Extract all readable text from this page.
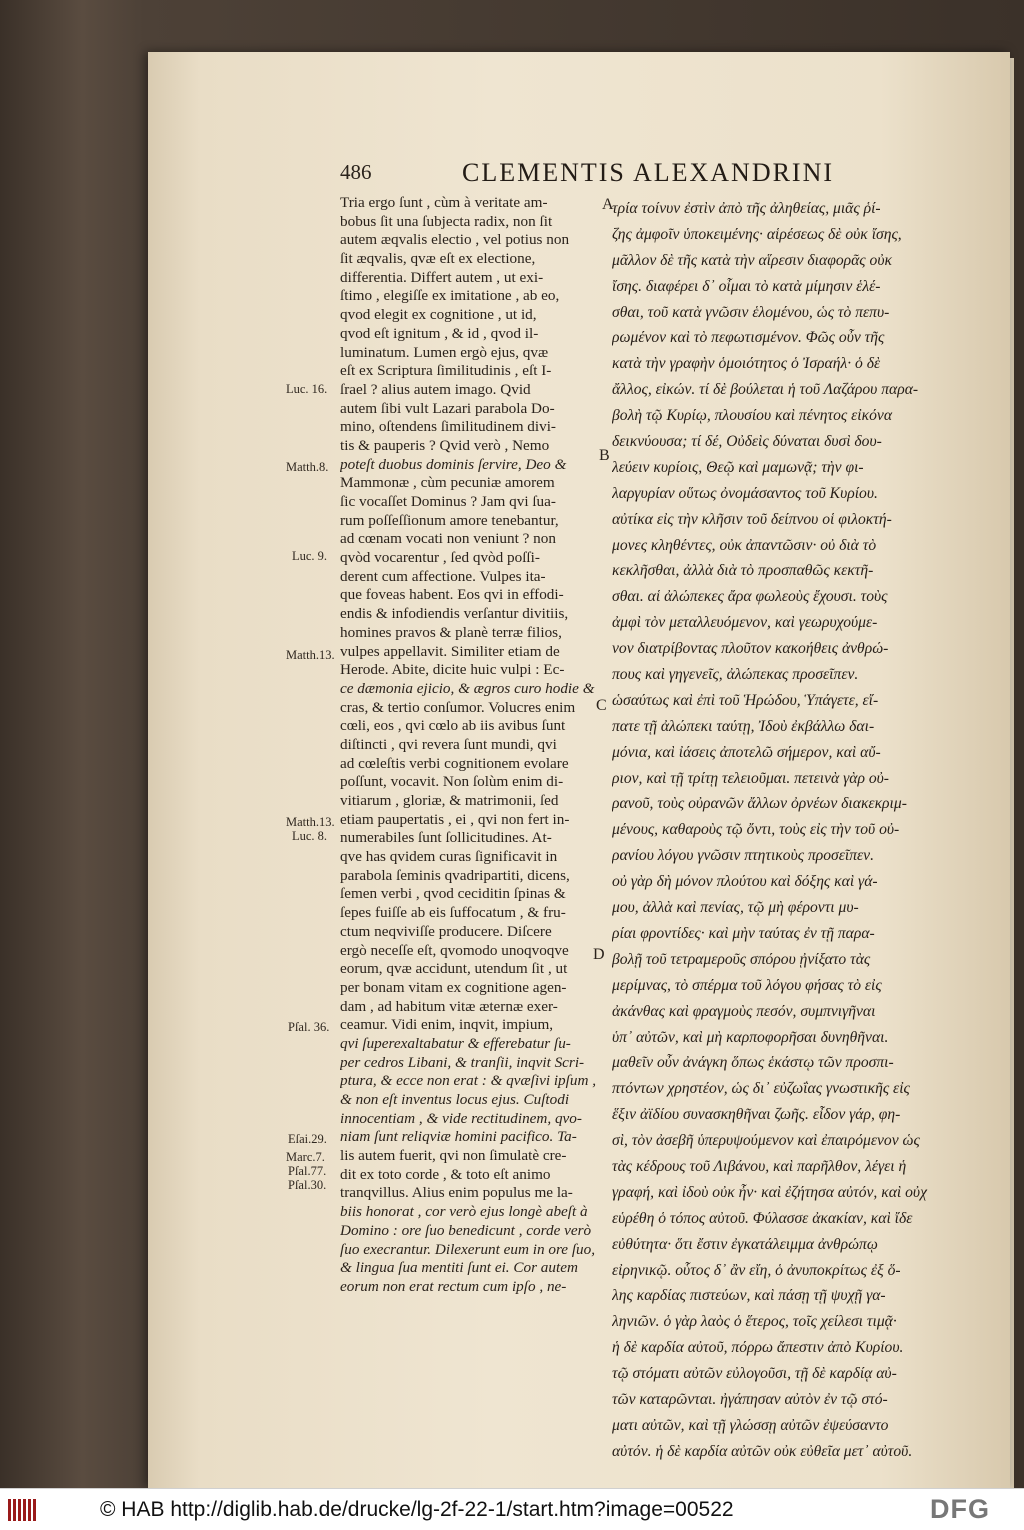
486	CLEMENTIS ALEXANDRINI
Tria ergo ſunt , cùm à veritate am-
bobus ſit una ſubjecta radix, non ſit
autem æqvalis electio , vel potius non
ſit æqvalis, qvæ eſt ex electione,
differentia. Differt autem , ut exi-
ſtimo , elegiſſe ex imitatione , ab eo,
qvod elegit ex cognitione , ut id,
qvod eſt ignitum , & id , qvod il-
luminatum. Lumen ergò ejus, qvæ
eſt ex Scriptura ſimilitudinis , eſt I-
ſrael ? alius autem imago. Qvid
autem ſibi vult Lazari parabola Do-
mino, oſtendens ſimilitudinem divi-
tis & pauperis ? Qvid verò , Nemo
poteſt duobus dominis ſervire, Deo &
Mammonæ , cùm pecuniæ amorem
ſic vocaſſet Dominus ? Jam qvi ſua-
rum poſſeſſionum amore tenebantur,
ad cœnam vocati non veniunt ? non
qvòd vocarentur , ſed qvòd poſſi-
derent cum affectione. Vulpes ita-
que foveas habent. Eos qvi in effodi-
endis & infodiendis verſantur divitiis,
homines pravos & planè terræ filios,
vulpes appellavit. Similiter etiam de
Herode. Abite, dicite huic vulpi : Ec-
ce dæmonia ejicio, & ægros curo hodie &
cras, & tertio conſumor. Volucres enim
cœli, eos , qvi cœlo ab iis avibus ſunt
diſtincti , qvi revera ſunt mundi, qvi
ad cœleſtis verbi cognitionem evolare
poſſunt, vocavit. Non ſolùm enim di-
vitiarum , gloriæ, & matrimonii, ſed
etiam paupertatis , ei , qvi non fert in-
numerabiles ſunt ſollicitudines. At-
qve has qvidem curas ſignificavit in
parabola ſeminis qvadripartiti, dicens,
ſemen verbi , qvod ceciditin ſpinas &
ſepes fuiſſe ab eis ſuffocatum , & fru-
ctum neqviviſſe producere. Diſcere
ergò neceſſe eſt, qvomodo unoqvoqve
eorum, qvæ accidunt, utendum ſit , ut
per bonam vitam ex cognitione agen-
dam , ad habitum vitæ æternæ exer-
ceamur. Vidi enim, inqvit, impium,
qvi ſuperexaltabatur & efferebatur ſu-
per cedros Libani, & tranſii, inqvit Scri-
ptura, & ecce non erat : & qvæſivi ipſum ,
& non eſt inventus locus ejus. Cuſtodi
innocentiam , & vide rectitudinem, qvo-
niam ſunt reliqviæ homini pacifico. Ta-
lis autem fuerit, qvi non ſimulatè cre-
dit ex toto corde , & toto eſt animo
tranqvillus. Alius enim populus me la-
biis honorat , cor verò ejus longè abeſt à
Domino : ore ſuo benedicunt , corde verò
ſuo execrantur. Dilexerunt eum in ore ſuo,
& lingua ſua mentiti ſunt ei. Cor autem
eorum non erat rectum cum ipſo , ne-
τρία τοίνυν ἐστὶν ἀπὸ τῆς ἀληθείας, μιᾶς ῥί-
ζης ἀμφοῖν ὑποκειμένης· αἱρέσεως δὲ οὐκ ἴσης,
μᾶλλον δὲ τῆς κατὰ τὴν αἵρεσιν διαφορᾶς οὐκ
ἴσης. διαφέρει δ᾽ οἶμαι τὸ κατὰ μίμησιν ἑλέ-
σθαι, τοῦ κατὰ γνῶσιν ἑλομένου, ὡς τὸ πεπυ-
ρωμένον καὶ τὸ πεφωτισμένον. Φῶς οὖν τῆς
κατὰ τὴν γραφὴν ὁμοιότητος ὁ Ἰσραήλ· ὁ δὲ
ἄλλος, εἰκών. τί δὲ βούλεται ἡ τοῦ Λαζάρου παρα-
βολὴ τῷ Κυρίῳ, πλουσίου καὶ πένητος εἰκόνα
δεικνύουσα; τί δέ, Οὐδεὶς δύναται δυσὶ δου-
λεύειν κυρίοις, Θεῷ καὶ μαμωνᾷ; τὴν φι-
λαργυρίαν οὕτως ὀνομάσαντος τοῦ Κυρίου.
αὐτίκα εἰς τὴν κλῆσιν τοῦ δείπνου οἱ φιλοκτή-
μονες κληθέντες, οὐκ ἀπαντῶσιν· οὐ διὰ τὸ
κεκλῆσθαι, ἀλλὰ διὰ τὸ προσπαθῶς κεκτῆ-
σθαι. αἱ ἀλώπεκες ἄρα φωλεοὺς ἔχουσι. τοὺς
ἀμφὶ τὸν μεταλλευόμενον, καὶ γεωρυχούμε-
νον διατρίβοντας πλοῦτον κακοήθεις ἀνθρώ-
πους καὶ γηγενεῖς, ἀλώπεκας προσεῖπεν.
ὡσαύτως καὶ ἐπὶ τοῦ Ἡρώδου, Ὑπάγετε, εἴ-
πατε τῇ ἀλώπεκι ταύτῃ, Ἰδοὺ ἐκβάλλω δαι-
μόνια, καὶ ἰάσεις ἀποτελῶ σήμερον, καὶ αὔ-
ριον, καὶ τῇ τρίτῃ τελειοῦμαι. πετεινὰ γὰρ οὐ-
ρανοῦ, τοὺς οὐρανῶν ἄλλων ὀρνέων διακεκριμ-
μένους, καθαροὺς τῷ ὄντι, τοὺς εἰς τὴν τοῦ οὐ-
ρανίου λόγου γνῶσιν πτητικοὺς προσεῖπεν.
οὐ γὰρ δὴ μόνον πλούτου καὶ δόξης καὶ γά-
μου, ἀλλὰ καὶ πενίας, τῷ μὴ φέροντι μυ-
ρίαι φροντίδες· καὶ μὴν ταύτας ἐν τῇ παρα-
βολῇ τοῦ τετραμεροῦς σπόρου ᾐνίξατο τὰς
μερίμνας, τὸ σπέρμα τοῦ λόγου φήσας τὸ εἰς
ἀκάνθας καὶ φραγμοὺς πεσόν, συμπνιγῆναι
ὑπ᾽ αὐτῶν, καὶ μὴ καρποφορῆσαι δυνηθῆναι.
μαθεῖν οὖν ἀνάγκη ὅπως ἑκάστῳ τῶν προσπι-
πτόντων χρηστέον, ὡς δι᾽ εὐζωΐας γνωστικῆς εἰς
ἕξιν ἀϊδίου συνασκηθῆναι ζωῆς. εἶδον γάρ, φη-
σὶ, τὸν ἀσεβῆ ὑπερυψούμενον καὶ ἐπαιρόμενον ὡς
τὰς κέδρους τοῦ Λιβάνου, καὶ παρῆλθον, λέγει ἡ
γραφή, καὶ ἰδοὺ οὐκ ἦν· καὶ ἐζήτησα αὐτόν, καὶ οὐχ
εὑρέθη ὁ τόπος αὐτοῦ. Φύλασσε ἀκακίαν, καὶ ἴδε
εὐθύτητα· ὅτι ἔστιν ἐγκατάλειμμα ἀνθρώπῳ
εἰρηνικῷ. οὗτος δ᾽ ἂν εἴη, ὁ ἀνυποκρίτως ἐξ ὅ-
λης καρδίας πιστεύων, καὶ πάσῃ τῇ ψυχῇ γα-
ληνιῶν. ὁ γὰρ λαὸς ὁ ἕτερος, τοῖς χείλεσι τιμᾷ·
ἡ δὲ καρδία αὐτοῦ, πόρρω ἄπεστιν ἀπὸ Κυρίου.
τῷ στόματι αὐτῶν εὐλογοῦσι, τῇ δὲ καρδίᾳ αὐ-
τῶν καταρῶνται. ἠγάπησαν αὐτὸν ἐν τῷ στό-
ματι αὐτῶν, καὶ τῇ γλώσσῃ αὐτῶν ἐψεύσαντο
αὐτόν. ἡ δὲ καρδία αὐτῶν οὐκ εὐθεῖα μετ᾽ αὐτοῦ.
Luc. 16.
Matth.8.
Luc. 9.
Matth.13.
Matth.13.
Luc. 8.
Pſal. 36.
Eſai.29.
Marc.7.
Pſal.77.
Pſal.30.
A
B
C
D
© HAB http://diglib.hab.de/drucke/lg-2f-22-1/start.htm?image=00522	DFG
